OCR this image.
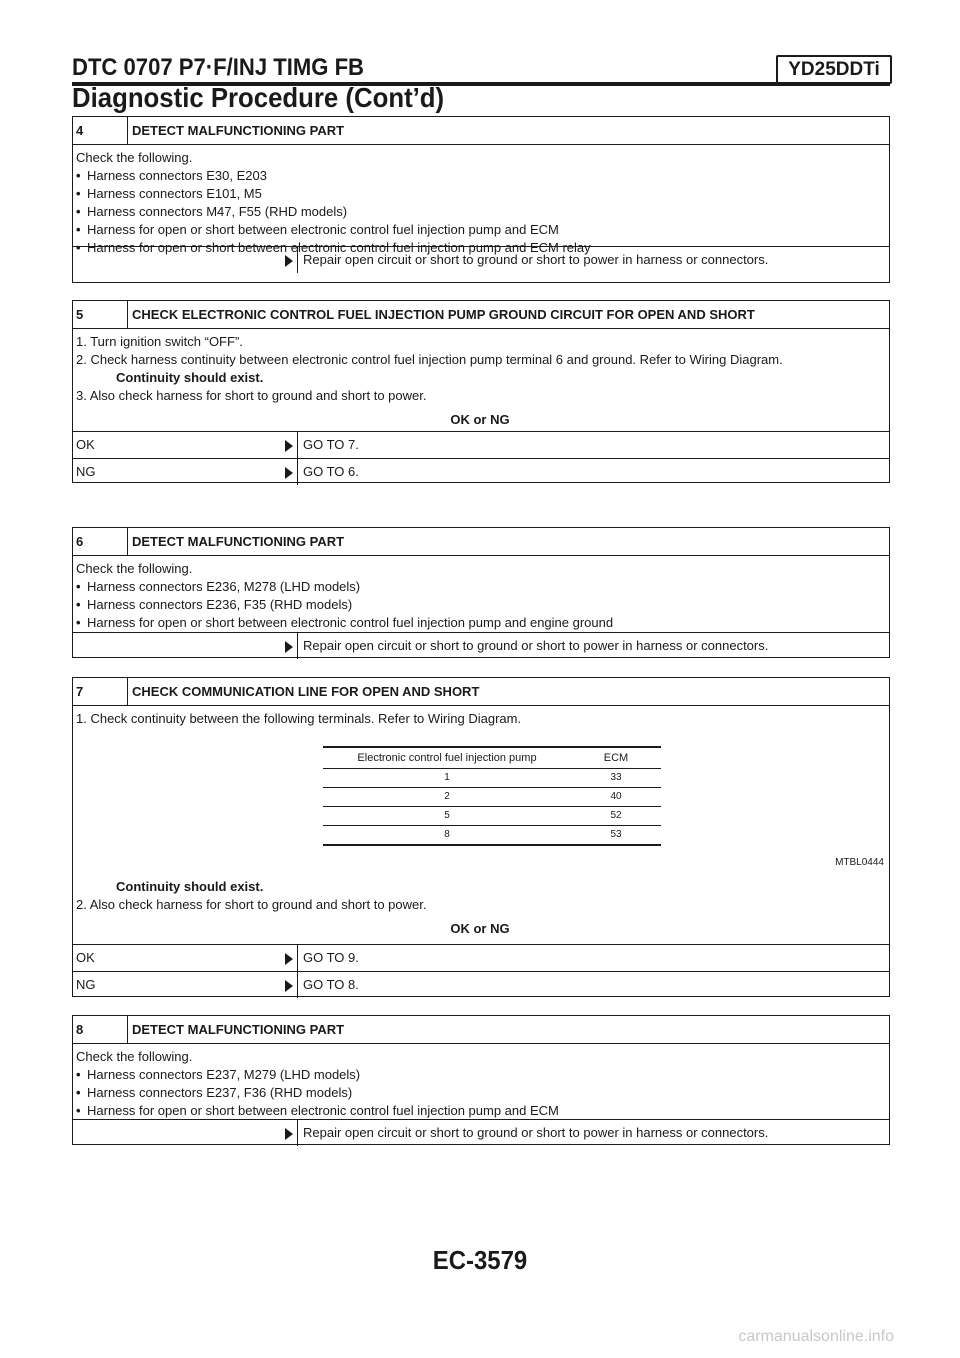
DTC 0707 P7·F/INJ TIMG FB	YD25DDTi
Diagnostic Procedure (Cont’d)
4	DETECT MALFUNCTIONING PART
Check the following.
• Harness connectors E30, E203
• Harness connectors E101, M5
• Harness connectors M47, F55 (RHD models)
• Harness for open or short between electronic control fuel injection pump and ECM
• Harness for open or short between electronic control fuel injection pump and ECM relay
Repair open circuit or short to ground or short to power in harness or connectors.
5	CHECK ELECTRONIC CONTROL FUEL INJECTION PUMP GROUND CIRCUIT FOR OPEN AND SHORT
1. Turn ignition switch “OFF”.
2. Check harness continuity between electronic control fuel injection pump terminal 6 and ground. Refer to Wiring Diagram.
Continuity should exist.
3. Also check harness for short to ground and short to power.
OK or NG
OK	GO TO 7.
NG	GO TO 6.
6	DETECT MALFUNCTIONING PART
Check the following.
• Harness connectors E236, M278 (LHD models)
• Harness connectors E236, F35 (RHD models)
• Harness for open or short between electronic control fuel injection pump and engine ground
Repair open circuit or short to ground or short to power in harness or connectors.
7	CHECK COMMUNICATION LINE FOR OPEN AND SHORT
1. Check continuity between the following terminals. Refer to Wiring Diagram.
Electronic control fuel injection pump	ECM
1	33
2	40
5	52
8	53
MTBL0444
Continuity should exist.
2. Also check harness for short to ground and short to power.
OK or NG
OK	GO TO 9.
NG	GO TO 8.
8	DETECT MALFUNCTIONING PART
Check the following.
• Harness connectors E237, M279 (LHD models)
• Harness connectors E237, F36 (RHD models)
• Harness for open or short between electronic control fuel injection pump and ECM
Repair open circuit or short to ground or short to power in harness or connectors.
EC-3579
carmanualsonline.info
